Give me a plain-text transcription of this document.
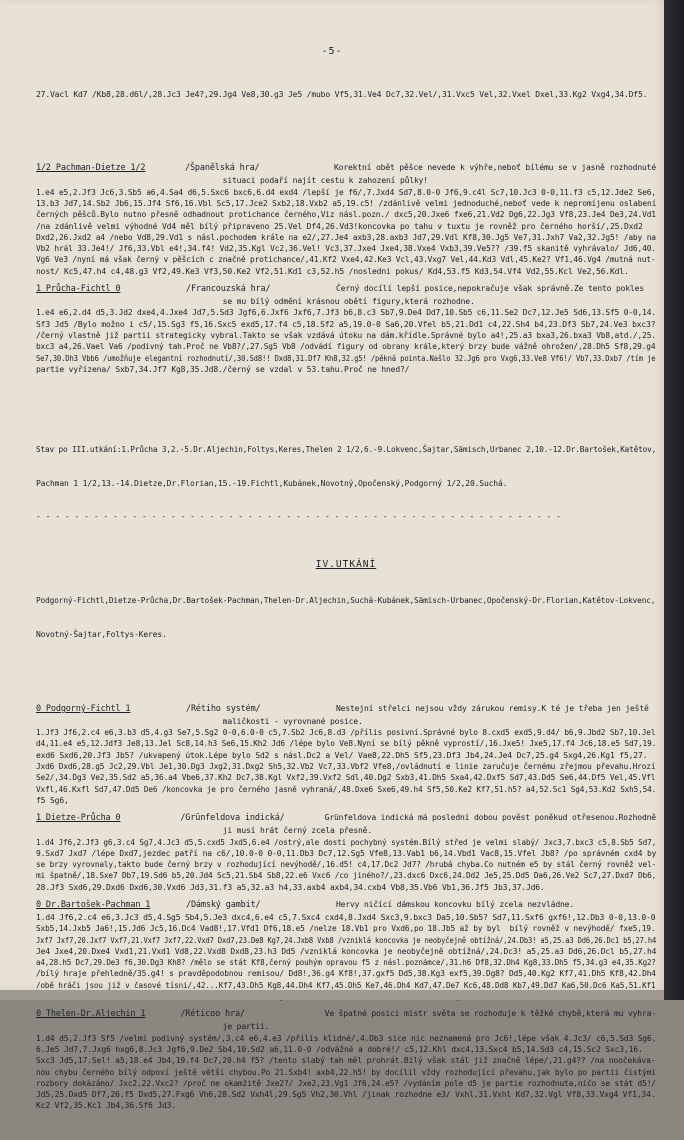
-5-

27.Vacl Kd7 /Kb8,28.d6l/,28.Jc3 Je4?,29.Jg4 Ve8,30.g3 Je5 /mubo Vf5,31.Ve4 Dc7,32.Vel/,31.Vxc5 Vel,32.Vxel Dxel,33.Kg2 Vxg4,34.Df5.

1/2 Pachman-Dietze 1/2	/Španělská hra/	Korektní obět pěšce nevede k výhře,neboť bílému se v jasně rozhodnuté
situaci podaří najít cestu k zahození půlky!
1.e4 e5,2.Jf3 Jc6,3.Sb5 a6,4.Sa4 d6,5.Sxc6 bxc6,6.d4 exd4 /lepší je f6/,7.Jxd4 Sd7,8.0-0 Jf6,9.c4l Sc7,10.Jc3 0-0,11.f3 c5,12.Jde2 Se6,
13.b3 Jd7,14.Sb2 Jb6,15.Jf4 Sf6,16.Vbl Sc5,17.Jce2 Sxb2,18.Vxb2 a5,19.c5! /zdánlivě velmi jednoduché,neboť vede k nepromíjenu oslabení
černých pěšců.Bylo nutno přesně odhadnout protichance černého,Viz násl.pozn./ dxc5,20.Jxe6 fxe6,21.Vd2 Dg6,22.Jg3 Vf8,23.Je4 De3,24.Vd1
/na zdánlivě velmi výhodné Vd4 měl bílý připraveno 25.Vel Df4,26.Vd3!koncovka po tahu v tuxtu je rovněž pro černého horší/,25.Dxd2
Dxd2,26.Jxd2 a4 /nebo Vd8,29.Vd1 s násl.pochodem krále na e2/,27.Je4 axb3,28.axb3 Jd7,29.Vdl Kf8,30.Jg5 Ve7,31.Jxh7 Va2,32.Jg5! /aby na
Vb2 hrál 33.Je4!/ Jf6,33.Vbl e4!,34.f4! Vd2,35.Kgl Vc2,36.Vel! Vc3,37.Jxe4 Jxe4,38.Vxe4 Vxb3,39.Ve5?? /39.f5 skanitě vyhrávalo/ Jd6,40.
Vg6 Ve3 /nyní má však černý v pěšcích c značně protichance/,41.Kf2 Vxe4,42.Ke3 Vcl,43.Vxg7 Vel,44.Kd3 Vdl,45.Ke2? Vf1,46.Vg4 /mutná nut-
nost/ Kc5,47.h4 c4,48.g3 Vf2,49.Ke3 Vf3,50.Ke2 Vf2,51.Kd1 c3,52.h5 /nosledni pokus/ Kd4,53.f5 Kd3,54.Vf4 Vd2,55.Kcl Ve2,56.Kdl.
1 Průcha-Fichtl 0	/Francouzská hra/	Černý docílí lepší posice,nepokračuje však správně.Ze tento pokles
se mu bílý odmění krásnou obětí figury,která rozhodne.
1.e4 e6,2.d4 d5,3.Jd2 dxe4,4.Jxe4 Jd7,5.Sd3 Jgf6,6.Jxf6 Jxf6,7.Jf3 b6,8.c3 Sb7,9.De4 Dd7,10.Sb5 c6,11.Se2 Dc7,12.Je5 Sd6,13.Sf5 0-0,14.
Sf3 Jd5 /Bylo možno i c5/,15.Sg3 f5,16.Sxc5 exd5,17.f4 c5,18.Sf2 a5,19.0-0 Sa6,20.Vfel b5,21.Dd1 c4,22.Sh4 b4,23.Df3 Sb7,24.Ve3 bxc3?
/černý vlastně již partii strategicky vybral.Takto se však vzdává útoku na dám.křídle.Správné bylo a4!,25.a3 bxa3,26.bxa3 Vb8,atd./,25.
bxc3 a4,26.Vael Va6 /podivný tah.Proč ne Vb8?/,27.Sg5 Vb8 /odvádí figury od obrany krále,který brzy bude vážně ohrožen/,28.Dh5 Sf8,29.g4
Se7,30.Dh3 Vbb6 /umožňuje elegantní rozhodnutí/,30.Sd8!! Dxd8,31.Df7 Kh8,32.g5! /pěkná pointa.Našlo 32.Jg6 pro Vxg6,33.Ve8 Vf6!/ Vb7,33.Dxb7 /tím je
partie vyřízena/ Sxb7,34.Jf7 Kg8,35.Jd8./černý se vzdal v 53.tahu.Proč ne hned?/

Stav po III.utkání:1.Průcha 3,2.-5.Dr.Aljechin,Foltys,Keres,Thelen 2 1/2,6.-9.Lokvenc,Šajtar,Sämisch,Urbanec 2,10.-12.Dr.Bartošek,Katětov,

Pachman 1 1/2,13.-14.Dietze,Dr.Florian,15.-19.Fichtl,Kubánek,Novotný,Opočenský,Podgorný 1/2,20.Suchá.

- - - - - - - - - - - - - - - - - - - - - - - - - - - - - - - - - - - - - - - - - - - - - - - - - - - - - - -

IV.UTKÁNÍ

Podgorný-Fichtl,Dietze-Průcha,Dr.Bartošek-Pachman,Thelen-Dr.Aljechin,Suchá-Kubánek,Sämisch-Urbanec,Opočenský-Dr.Florian,Katětov-Lokvenc,

Novotný-Šajtar,Foltys-Keres.

0 Podgorný-Fichtl 1	/Rétiho systém/	Nestejní střelci nejsou vždy zárukou remisy.K té je třeba jen ještě
maličkosti - vyrovnané posice.
1.Jf3 Jf6,2.c4 e6,3.b3 d5,4.g3 Se7,5.Sg2 0-0,6.0-0 c5,7.Sb2 Jc6,8.d3 /přílis posivní.Správné bylo 8.cxd5 exd5,9.d4/ b6,9.Jbd2 Sb7,10.Jel
d4,11.e4 e5,12.Jdf3 Je8,13.Jel Sc8,14.h3 Se6,15.Kh2 Jd6 /lépe bylo Ve8.Nyní se bílý pěkně vyprostí/,16.Jxe5! Jxe5,17.f4 Jc6,18.e5 Sd7,19.
exd6 Sxd6,20.Jf3 Jb5? /ukvapený útok.Lépe bylo Sd2 s násl.Dc2 a Vel/ Vae8,22.Dh5 Sf5,23.Df3 Jb4,24.Je4 Dc7,25.g4 Sxg4,26.Kg1 f5,27.
Jxd6 Dxd6,28.g5 Jc2,29.Vbl Je1,30.Dg3 Jxg2,31.Dxg2 Sh5,32.Vb2 Vc7,33.Vbf2 Vfe8,/ovládnutí e linie zaručuje černému zřejmou převahu.Hrozí
Se2/,34.Dg3 Ve2,35.Sd2 a5,36.a4 Vbe6,37.Kh2 Dc7,38.Kgl Vxf2,39.Vxf2 Sdl,40.Dg2 Sxb3,41.Dh5 Sxa4,42.Dxf5 Sd7,43.Dd5 Se6,44.Df5 Vel,45.Vfl
Vxfl,46.Kxfl Sd7,47.Dd5 De6 /koncovka je pro černého jasně vyhraná/,48.Dxe6 Sxe6,49.h4 Sf5,50.Ke2 Kf7,51.h5? a4,52.Sc1 Sg4,53.Kd2 Sxh5,54.
f5 Sg6,
1 Dietze-Průcha 0	/Grünfeldova indická/	Grünfeldova indická má poslední dobou pověst poněkud otřesenou.Rozhodně
ji musí hrát černý zcela přesně.
1.d4 Jf6,2.Jf3 g6,3.c4 Sg7,4.Jc3 d5,5.cxd5 Jxd5,6.e4 /ostrý,ale dosti pochybný systém.Bílý střed je velmi slabý/ Jxc3,7.bxc3 c5,8.Sb5 Sd7,
9.Sxd7 Jxd7 /lépe Dxd7,jezdec patří na c6/,10.0-0 0-0,11.Db3 Dc7,12.Sg5 Vfe8,13.Vab1 b6,14.Vbd1 Vac8,15.Vfel Jb8? /po správném cxd4 by
se brzy vyrovnaly,takto bude černý brzy v rozhodující nevýhodě/,16.d5! c4,17.Dc2 Jd7? /hrubá chyba.Co nutném e5 by stál černý rovněž vel-
mi špatně/,18.Sxe7 Db7,19.Sd6 b5,20.Jd4 Sc5,21.Sb4 Sb8,22.e6 Vxc6 /co jiného?/,23.dxc6 Dxc6,24.Dd2 Je5,25.Dd5 Da6,26.Ve2 Sc7,27.Dxd7 Db6,
28.Jf3 Sxd6,29.Dxd6 Dxd6,30.Vxd6 Jd3,31.f3 a5,32.a3 h4,33.axb4 axb4,34.cxb4 Vb8,35.Vb6 Vb1,36.Jf5 Jb3,37.Jd6.
0 Dr.Bartošek-Pachman 1	/Dámský gambit/	Hervy ničící dámskou koncovku bílý zcela nezvládne.
1.d4 Jf6,2.c4 e6,3.Jc3 d5,4.Sg5 Sb4,5.Je3 dxc4,6.e4 c5,7.Sxc4 cxd4,8.Jxd4 Sxc3,9.bxc3 Da5,10.Sb5? Sd7,11.Sxf6 gxf6!,12.Db3 0-0,13.0-0
Sxb5,14.Jxb5 Ja6!,15.Jd6 Jc5,16.Dc4 Vad8!,17.Vfd1 Df6,18.e5 /nelze 18.Vb1 pro Vxd6,po 18.Jb5 až by byl  bílý rovněž v nevýhodě/ fxe5,19.
Jxf7 Jxf7,20.Jxf7 Vxf7,21.Vxf7 Jxf7,22.Vxd7 Dxd7,23.De8 Kg7,24.Jxb8 Vxb8 /vzniklá koncovka je neobyčejně obtížná/,24.Db3! a5,25.a3 Dd6,26.Dc1 b5,27.h4
Je4 Jxe4,20.Dxe4 Vxd1,21.Vxd1 Vd8,22.Vxd8 Dxd8,23.h3 Dd5 /vzniklá koncovka je neobyčejně obtížná/,24.Dc3! a5,25.a3 Dd6,26.Dcl b5,27.h4
a4,28.h5 Dc7,29.De3 f6,30.Dg3 Kh8? /mělo se stát Kf8,černý pouhým opravou f5 z násl.poznámce/,31.h6 Df8,32.Dh4 Kg8,33.Dh5 f5,34.g3 e4,35.Kg2?
/bílý hraje přehledně/35.g4! s pravděpodobnou remisou/ Dd8!,36.g4 Kf8!,37.gxf5 Dd5,38.Kg3 exf5,39.Dg8? Dd5,40.Kg2 Kf7,41.Dh5 Kf8,42.Dh4
/obě hráči jsou již v časové tísni/,42...Kf7,43.Dh5 Kg8,44.Dh4 Kf7,45.Dh5 Ke7,46.Dh4 Kd7,47.De7 Kc6,48.Dd8 Kb7,49.Dd7 Ka6,50.Dc6 Ka5,51.Kf1
0 Thelen-Dr.Aljechin 1	/Réticoo hra/	Ve špatné posici mistr světa se rozhoduje k těžké chybě,která mu vyhra-
je partii.
1.d4 d5,2.Jf3 Sf5 /velmi podivný systém/,3.c4 e6,4.e3 /přílis klidné/,4.Db3 sice nic neznamená pro Jc6!,lépe však 4.Jc3/ c6,5.Sd3 Sg6,
6.Je5 Jd7,7.Jxg6 hxg6,8.Jc3 Jgf6,9.De2 Sb4,10.Sd2 a6,11.0-0 /odvážné a dobré!/ c5,12.Khl dxc4,13.Sxc4 b5,14.Sd3 c4,15.Sc2 Sxc3,16.
Sxc3 Jd5,17.Sel! a5,18.e4 Jb4,19.f4 Dc7,20.h4 f5? /tento slabý tah měl prohrát.Bílý však stál již značně lépe/,21.g4?? /na noočekáva-
nou chybu černého bílý odpoví ještě větší chybou.Po 21.Sxb4! axb4,22.h5! by docílil vždy rozhodující převahu,jak bylo po partii čistými
rozbory dokázáno/ Jxc2,22.Vxc2? /proč ne okamžitě Jxe2?/ Jxe2,23.Vg1 Jf6,24.e5? /vydáním pole d5 je partie rozhodnuta,ničo se stát d5!/
Jd5,25.Dxd5 Df7,26.f5 Dxd5,27.Fxg6 Vh6,28.Sd2 Vxh4l,29.Sg5 Vh2,30.Vhl /jinak rozhodne e3/ Vxhl,31.Vxhl Kd7,32.Vgl Vf8,33.Vxg4 Vf1,34.
Kc2 Vf2,35.Kc1 Jb4,36.Sf6 Jd3.
